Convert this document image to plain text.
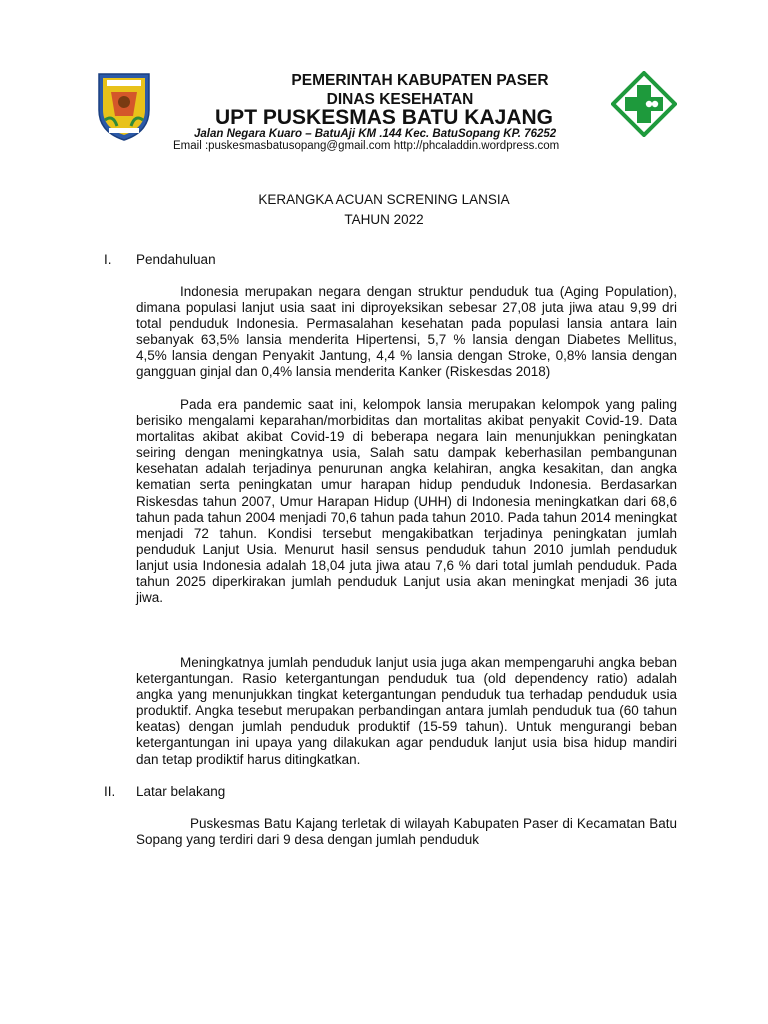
PEMERINTAH KABUPATEN PASER
DINAS KESEHATAN
UPT PUSKESMAS BATU KAJANG
Jalan Negara Kuaro – BatuAji KM .144 Kec. BatuSopang KP. 76252
Email :puskesmasbatusopang@gmail.com http://phcaladdin.wordpress.com
KERANGKA ACUAN SCRENING LANSIA
TAHUN 2022
I. Pendahuluan

Indonesia merupakan negara dengan struktur penduduk tua (Aging Population), dimana populasi lanjut usia saat ini diproyeksikan sebesar 27,08 juta jiwa atau 9,99 dri total penduduk Indonesia. Permasalahan kesehatan pada populasi lansia antara lain sebanyak 63,5% lansia menderita Hipertensi, 5,7 % lansia dengan Diabetes Mellitus, 4,5% lansia dengan Penyakit Jantung, 4,4 % lansia dengan Stroke, 0,8% lansia dengan gangguan ginjal dan 0,4% lansia menderita Kanker (Riskesdas 2018)

Pada era pandemic saat ini, kelompok lansia merupakan kelompok yang paling berisiko mengalami keparahan/morbiditas dan mortalitas akibat penyakit Covid-19. Data mortalitas akibat akibat Covid-19 di beberapa negara lain menunjukkan peningkatan seiring dengan meningkatnya usia, Salah satu dampak keberhasilan pembangunan kesehatan adalah terjadinya penurunan angka kelahiran, angka kesakitan, dan angka kematian serta peningkatan umur harapan hidup penduduk Indonesia. Berdasarkan Riskesdas tahun 2007, Umur Harapan Hidup (UHH) di Indonesia meningkatkan dari 68,6 tahun pada tahun 2004 menjadi 70,6 tahun pada tahun 2010. Pada tahun 2014 meningkat menjadi 72 tahun. Kondisi tersebut mengakibatkan terjadinya peningkatan jumlah penduduk Lanjut Usia. Menurut hasil sensus penduduk tahun 2010 jumlah penduduk lanjut usia Indonesia adalah 18,04 juta jiwa atau 7,6 % dari total jumlah penduduk. Pada tahun 2025 diperkirakan jumlah penduduk Lanjut usia akan meningkat menjadi 36 juta jiwa.

Meningkatnya jumlah penduduk lanjut usia juga akan mempengaruhi angka beban ketergantungan. Rasio ketergantungan penduduk tua (old dependency ratio) adalah angka yang menunjukkan tingkat ketergantungan penduduk tua terhadap penduduk usia produktif. Angka tesebut merupakan perbandingan antara jumlah penduduk tua (60 tahun keatas) dengan jumlah penduduk produktif (15-59 tahun). Untuk mengurangi beban ketergantungan ini upaya yang dilakukan agar penduduk lanjut usia bisa hidup mandiri dan tetap prodiktif harus ditingkatkan.

II. Latar belakang

Puskesmas Batu Kajang terletak di wilayah Kabupaten Paser di Kecamatan Batu Sopang yang terdiri dari 9 desa dengan jumlah penduduk
